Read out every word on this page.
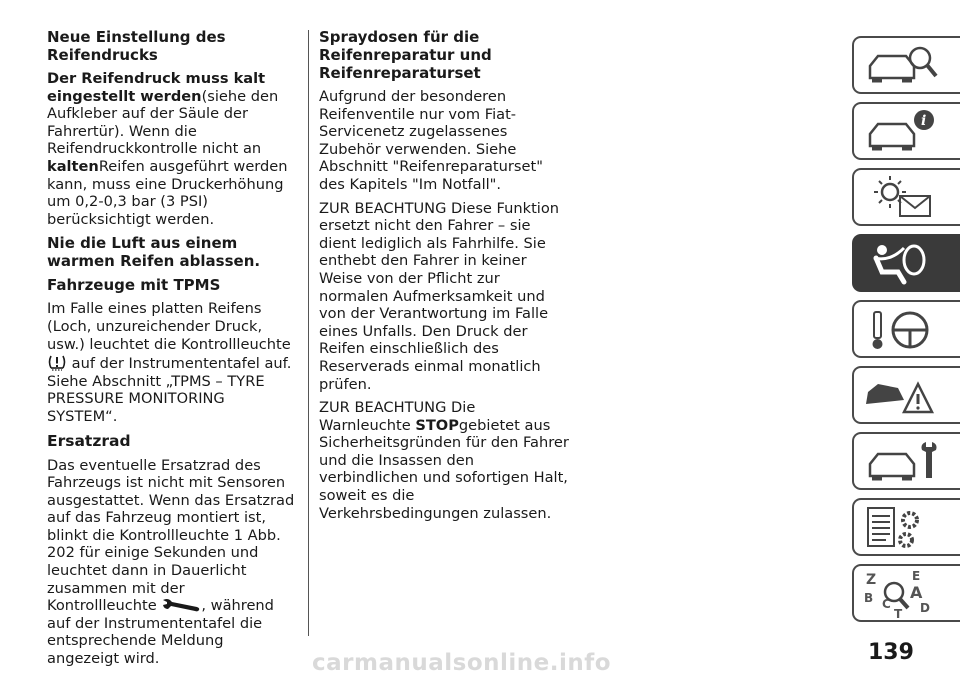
Neue Einstellung des Reifendrucks

Der Reifendruck muss kalt eingestellt werden(siehe den Aufkleber auf der Säule der Fahrertür). Wenn die Reifendruckkontrolle nicht an kaltenReifen ausgeführt werden kann, muss eine Druckerhöhung um 0,2-0,3 bar (3 PSI) berücksichtigt werden.

Nie die Luft aus einem warmen Reifen ablassen.
Fahrzeuge mit TPMS

Im Falle eines platten Reifens (Loch, unzureichender Druck, usw.) leuchtet die Kontrollleuchte
auf der Instrumententafel auf. Siehe Abschnitt „TPMS – TYRE PRESSURE MONITORING SYSTEM“.

Ersatzrad

Das eventuelle Ersatzrad des Fahrzeugs ist nicht mit Sensoren ausgestattet. Wenn das Ersatzrad auf das Fahrzeug montiert ist, blinkt die Kontrollleuchte 1 Abb. 202 für einige Sekunden und leuchtet dann in Dauerlicht zusammen mit der Kontrollleuchte	, während auf der Instrumententafel die entsprechende Meldung angezeigt wird.

Spraydosen für die Reifenreparatur und Reifenreparaturset

Aufgrund der besonderen Reifenventile nur vom Fiat-Servicenetz zugelassenes Zubehör verwenden. Siehe Abschnitt "Reifenreparaturset" des Kapitels "Im Notfall".

ZUR BEACHTUNG Diese Funktion ersetzt nicht den Fahrer – sie dient lediglich als Fahrhilfe. Sie enthebt den Fahrer in keiner Weise von der Pflicht zur normalen Aufmerksamkeit und von der Verantwortung im Falle eines Unfalls. Den Druck der Reifen einschließlich des Reserverads einmal monatlich prüfen.

ZUR BEACHTUNG Die Warnleuchte STOPgebietet aus Sicherheitsgründen für den Fahrer und die Insassen den verbindlichen und sofortigen Halt, soweit es die Verkehrsbedingungen zulassen.

i
Z	E
A
B C
T D
139
carmanualsonline.info
